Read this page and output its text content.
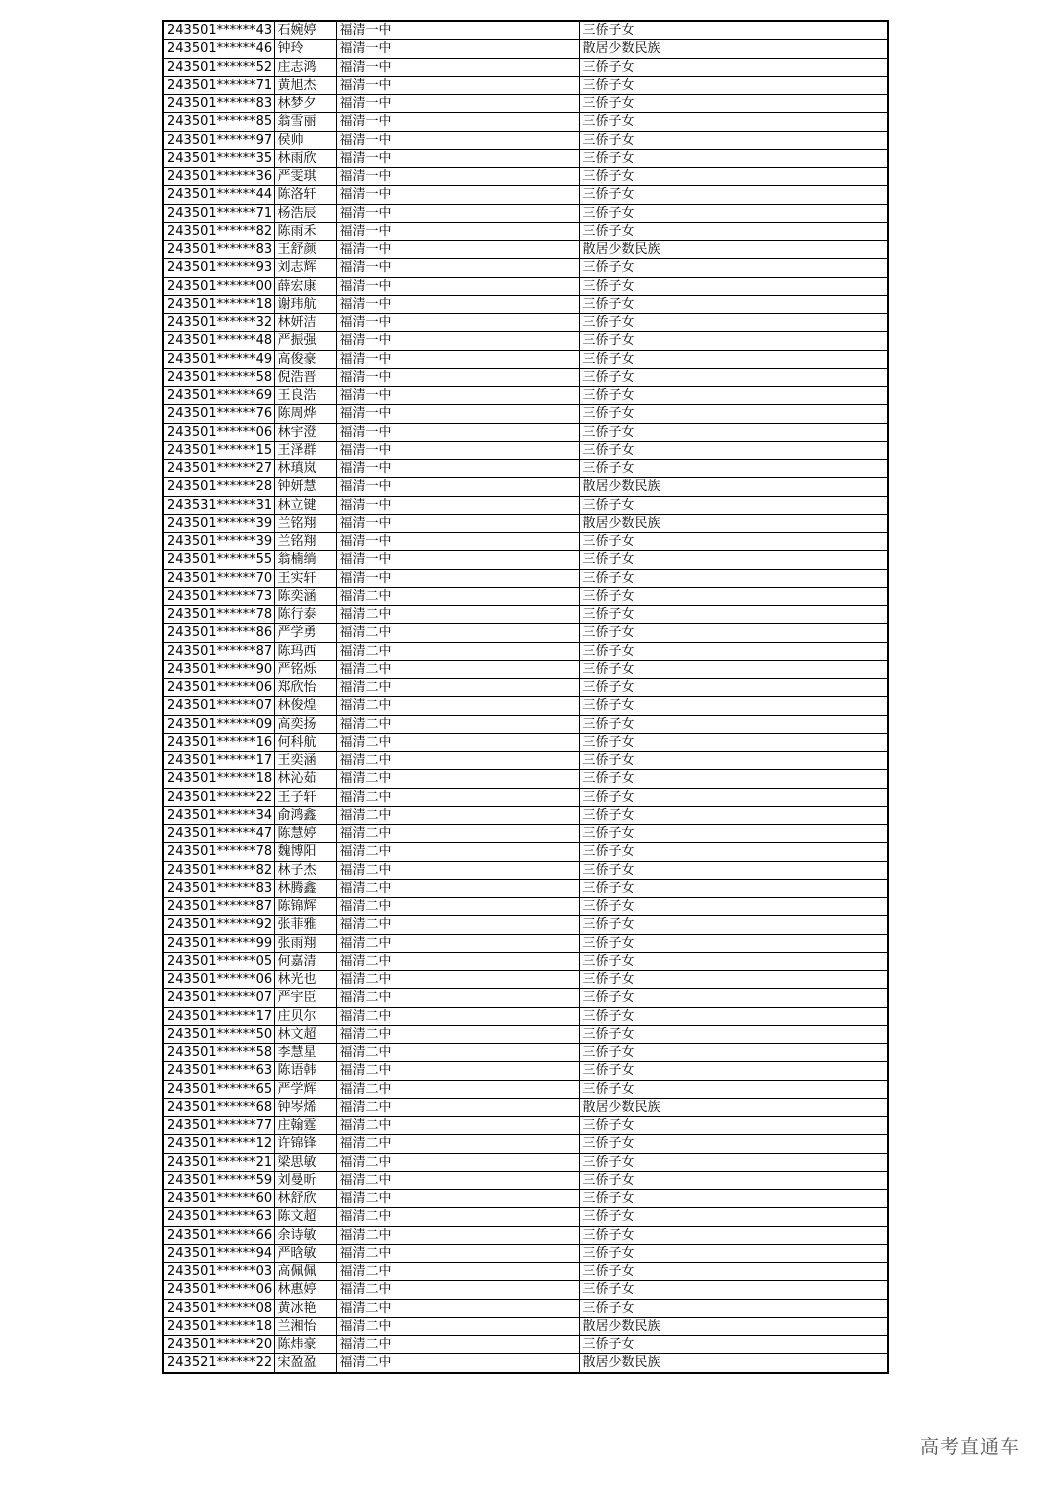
243501******43	石婉婷	福清一中	三侨子女
243501******46	钟玲	福清一中	散居少数民族
243501******52	庄志鸿	福清一中	三侨子女
243501******71	黄旭杰	福清一中	三侨子女
243501******83	林梦夕	福清一中	三侨子女
243501******85	翁雪丽	福清一中	三侨子女
243501******97	侯帅	福清一中	三侨子女
243501******35	林雨欣	福清一中	三侨子女
243501******36	严雯琪	福清一中	三侨子女
243501******44	陈洛轩	福清一中	三侨子女
243501******71	杨浩辰	福清一中	三侨子女
243501******82	陈雨禾	福清一中	三侨子女
243501******83	王舒颜	福清一中	散居少数民族
243501******93	刘志辉	福清一中	三侨子女
243501******00	薛宏康	福清一中	三侨子女
243501******18	谢玮航	福清一中	三侨子女
243501******32	林妍洁	福清一中	三侨子女
243501******48	严振强	福清一中	三侨子女
243501******49	高俊豪	福清一中	三侨子女
243501******58	倪浩晋	福清一中	三侨子女
243501******69	王良浩	福清一中	三侨子女
243501******76	陈周烨	福清一中	三侨子女
243501******06	林宇澄	福清一中	三侨子女
243501******15	王泽群	福清一中	三侨子女
243501******27	林瑱岚	福清一中	三侨子女
243501******28	钟妍慧	福清一中	散居少数民族
243531******31	林立键	福清一中	三侨子女
243501******39	兰铭翔	福清一中	散居少数民族
243501******39	兰铭翔	福清一中	三侨子女
243501******55	翁楠绱	福清一中	三侨子女
243501******70	王实轩	福清一中	三侨子女
243501******73	陈奕涵	福清二中	三侨子女
243501******78	陈行泰	福清二中	三侨子女
243501******86	严学勇	福清二中	三侨子女
243501******87	陈玛西	福清二中	三侨子女
243501******90	严铭烁	福清二中	三侨子女
243501******06	郑欣怡	福清二中	三侨子女
243501******07	林俊煌	福清二中	三侨子女
243501******09	高奕扬	福清二中	三侨子女
243501******16	何科航	福清二中	三侨子女
243501******17	王奕涵	福清二中	三侨子女
243501******18	林沁茹	福清二中	三侨子女
243501******22	王子轩	福清二中	三侨子女
243501******34	俞鸿鑫	福清二中	三侨子女
243501******47	陈慧婷	福清二中	三侨子女
243501******78	魏博阳	福清二中	三侨子女
243501******82	林子杰	福清二中	三侨子女
243501******83	林腾鑫	福清二中	三侨子女
243501******87	陈锦辉	福清二中	三侨子女
243501******92	张菲雅	福清二中	三侨子女
243501******99	张雨翔	福清二中	三侨子女
243501******05	何嘉清	福清二中	三侨子女
243501******06	林光也	福清二中	三侨子女
243501******07	严宇臣	福清二中	三侨子女
243501******17	庄贝尔	福清二中	三侨子女
243501******50	林文超	福清二中	三侨子女
243501******58	李慧星	福清二中	三侨子女
243501******63	陈语韩	福清二中	三侨子女
243501******65	严学辉	福清二中	三侨子女
243501******68	钟岑烯	福清二中	散居少数民族
243501******77	庄翰霆	福清二中	三侨子女
243501******12	许锦锋	福清二中	三侨子女
243501******21	梁思敏	福清二中	三侨子女
243501******59	刘曼昕	福清二中	三侨子女
243501******60	林舒欣	福清二中	三侨子女
243501******63	陈文超	福清二中	三侨子女
243501******66	余诗敏	福清二中	三侨子女
243501******94	严晗敏	福清二中	三侨子女
243501******03	高佩佩	福清二中	三侨子女
243501******06	林惠婷	福清二中	三侨子女
243501******08	黄冰艳	福清二中	三侨子女
243501******18	兰湘怡	福清二中	散居少数民族
243501******20	陈炜豪	福清二中	三侨子女
243521******22	宋盈盈	福清二中	散居少数民族
高考直通车
